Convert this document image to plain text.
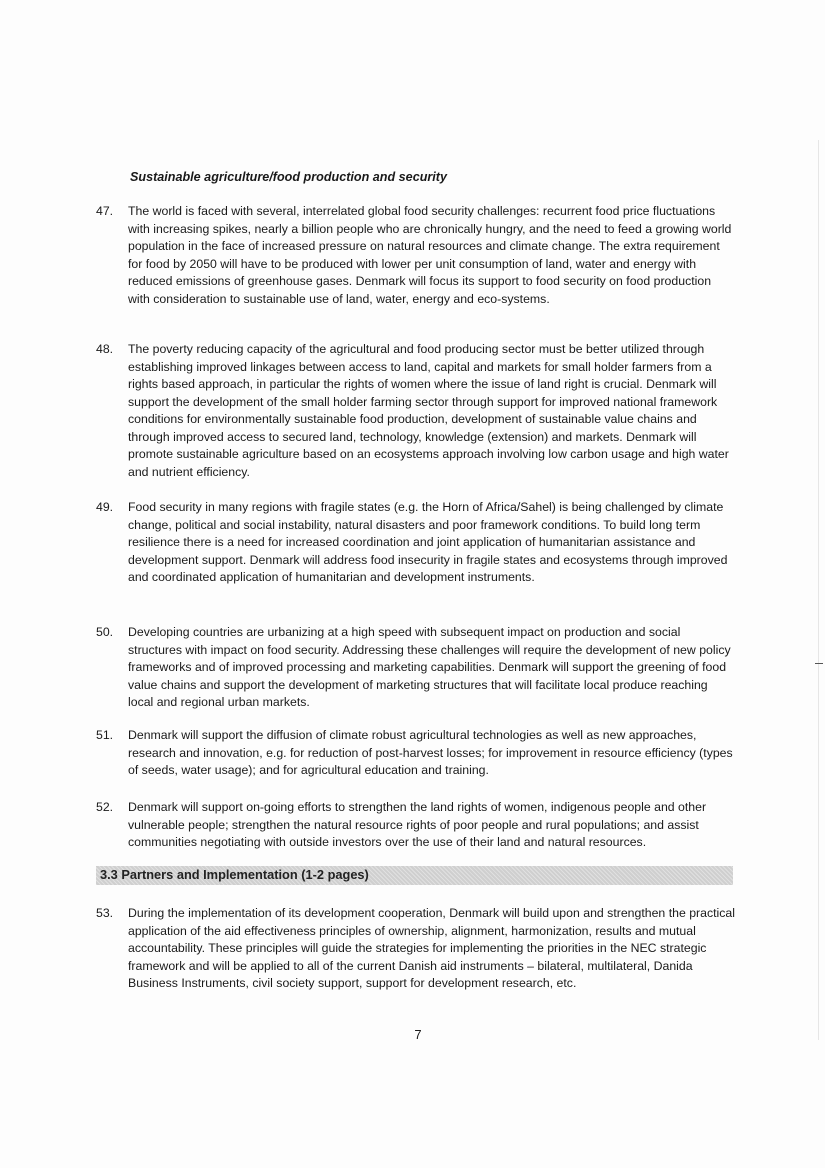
Sustainable agriculture/food production and security
47.	The world is faced with several, interrelated global food security challenges: recurrent food price fluctuations with increasing spikes, nearly a billion people who are chronically hungry, and the need to feed a growing world population in the face of increased pressure on natural resources and climate change. The extra requirement for food by 2050 will have to be produced with lower per unit consumption of land, water and energy with reduced emissions of greenhouse gases. Denmark will focus its support to food security on food production with consideration to sustainable use of land, water, energy and eco-systems.
48.	The poverty reducing capacity of the agricultural and food producing sector must be better utilized through establishing improved linkages between access to land, capital and markets for small holder farmers from a rights based approach, in particular the rights of women where the issue of land right is crucial. Denmark will support the development of the small holder farming sector through support for improved national framework conditions for environmentally sustainable food production, development of sustainable value chains and through improved access to secured land, technology, knowledge (extension) and markets. Denmark will promote sustainable agriculture based on an ecosystems approach involving low carbon usage and high water and nutrient efficiency.
49.	Food security in many regions with fragile states (e.g. the Horn of Africa/Sahel) is being challenged by climate change, political and social instability, natural disasters and poor framework conditions. To build long term resilience there is a need for increased coordination and joint application of humanitarian assistance and development support. Denmark will address food insecurity in fragile states and ecosystems through improved and coordinated application of humanitarian and development instruments.
50.	Developing countries are urbanizing at a high speed with subsequent impact on production and social structures with impact on food security. Addressing these challenges will require the development of new policy frameworks and of improved processing and marketing capabilities. Denmark will support the greening of food value chains and support the development of marketing structures that will facilitate local produce reaching local and regional urban markets.
51.	Denmark will support the diffusion of climate robust agricultural technologies as well as new approaches, research and innovation, e.g. for reduction of post-harvest losses; for improvement in resource efficiency (types of seeds, water usage); and for agricultural education and training.
52.	Denmark will support on-going efforts to strengthen the land rights of women, indigenous people and other vulnerable people; strengthen the natural resource rights of poor people and rural populations; and assist communities negotiating with outside investors over the use of their land and natural resources.
3.3 Partners and Implementation (1-2 pages)
53.	During the implementation of its development cooperation, Denmark will build upon and strengthen the practical application of the aid effectiveness principles of ownership, alignment, harmonization, results and mutual accountability. These principles will guide the strategies for implementing the priorities in the NEC strategic framework and will be applied to all of the current Danish aid instruments – bilateral, multilateral, Danida Business Instruments, civil society support, support for development research, etc.
7
